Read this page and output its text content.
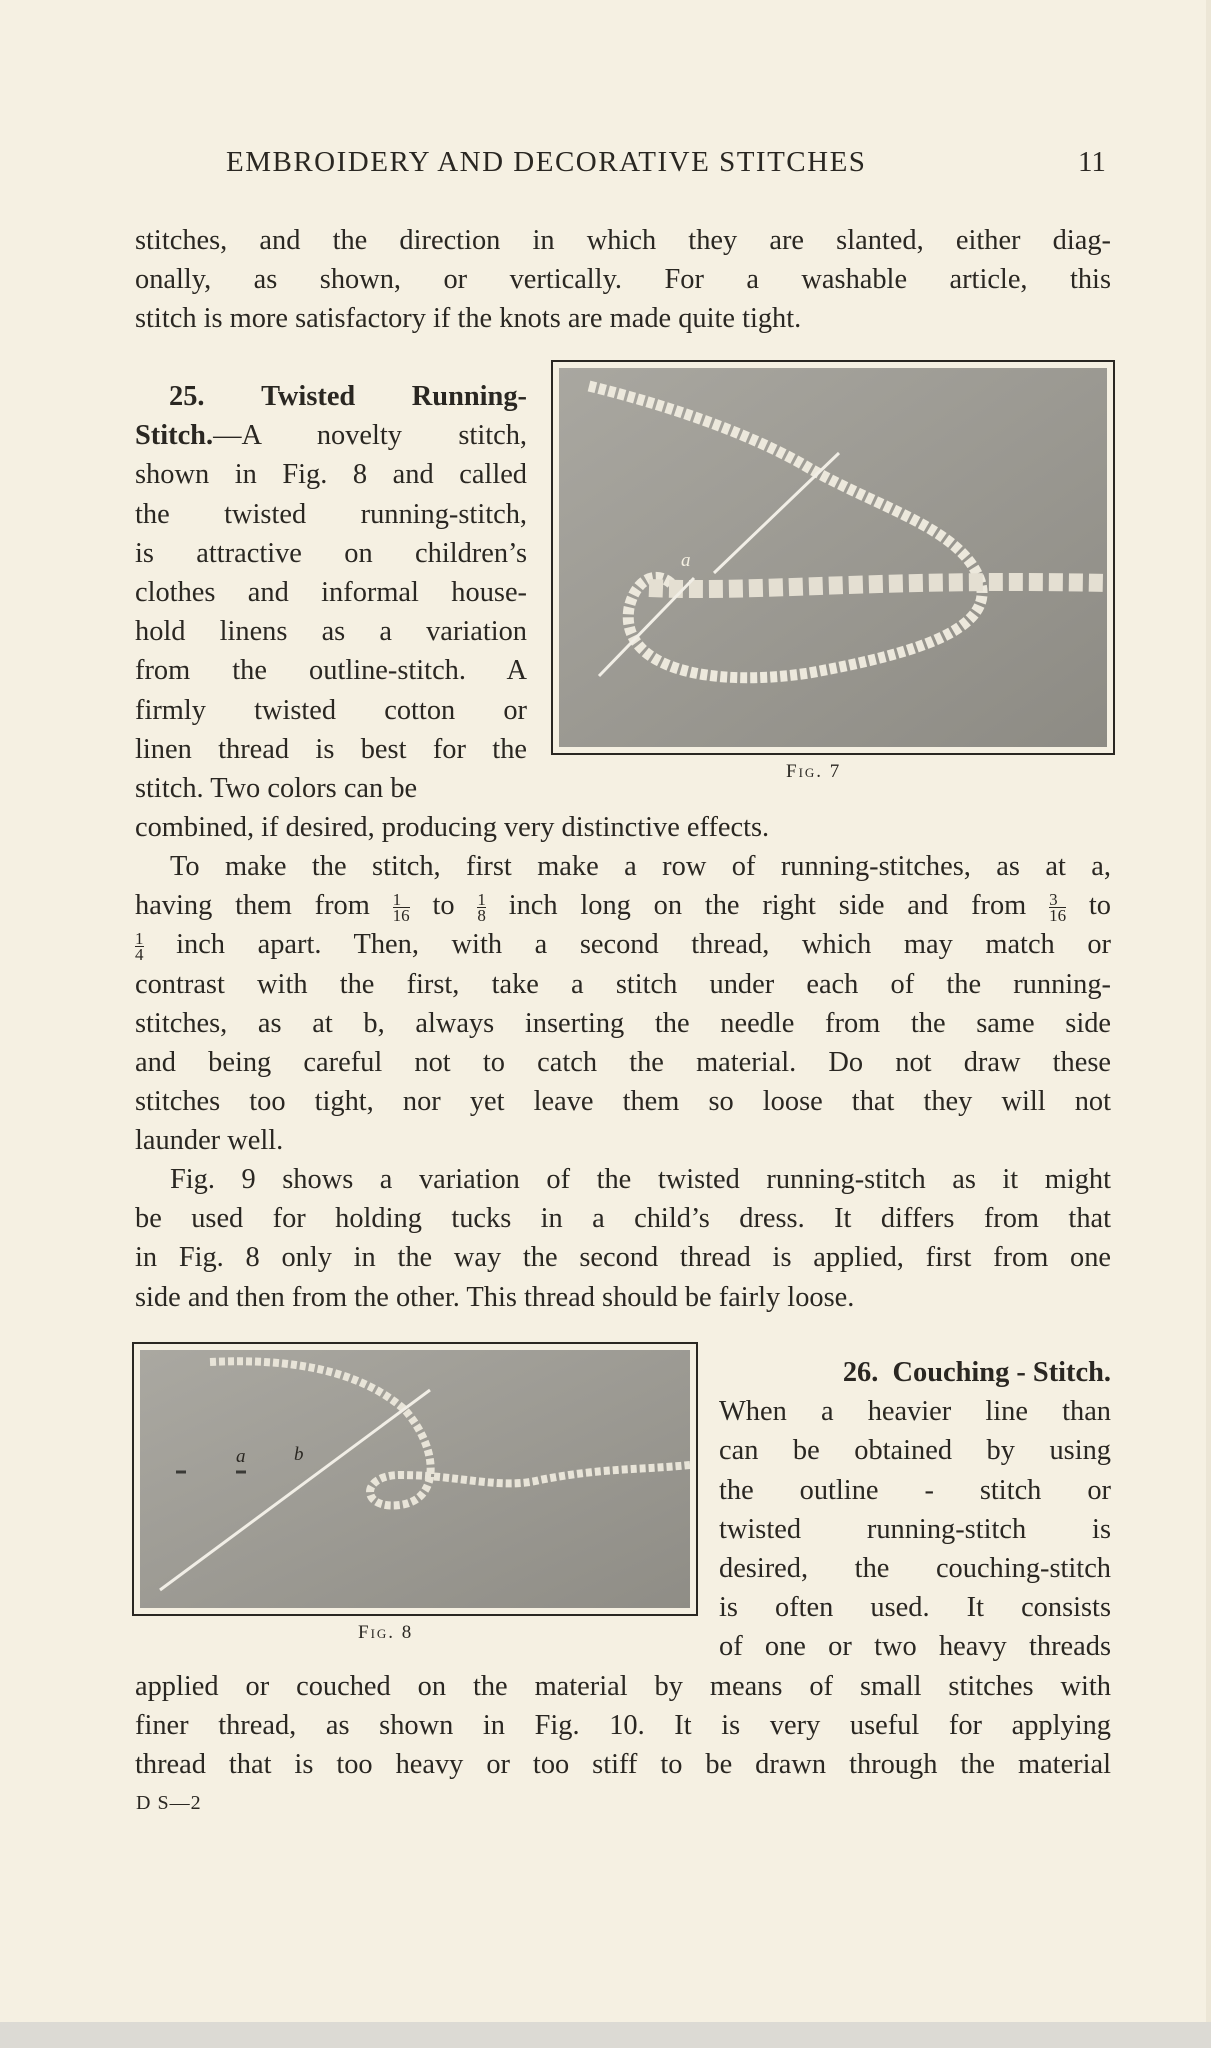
EMBROIDERY AND DECORATIVE STITCHES	11
stitches, and the direction in which they are slanted, either diag-
onally, as shown, or vertically. For a washable article, this
stitch is more satisfactory if the knots are made quite tight.
25. Twisted Running-
Stitch.—A novelty stitch,
shown in Fig. 8 and called
the twisted running-stitch,
is attractive on children’s
clothes and informal house-
hold linens as a variation
from the outline-stitch. A
firmly twisted cotton or
linen thread is best for the
stitch. Two colors can be
combined, if desired, producing very distinctive effects.
a
Fig. 7
To make the stitch, first make a row of running-stitches, as at a,
having them from $\frac{1}{16}$ to $\frac{1}{8}$ inch long on the right side and from $\frac{3}{16}$ to
$\frac{1}{4}$ inch apart. Then, with a second thread, which may match or
contrast with the first, take a stitch under each of the running-
stitches, as at b, always inserting the needle from the same side
and being careful not to catch the material. Do not draw these
stitches too tight, nor yet leave them so loose that they will not
launder well.
Fig. 9 shows a variation of the twisted running-stitch as it might
be used for holding tucks in a child’s dress. It differs from that
in Fig. 8 only in the way the second thread is applied, first from one
side and then from the other. This thread should be fairly loose.
a	b
Fig. 8
26. Couching - Stitch.
When a heavier line than
can be obtained by using
the outline - stitch or
twisted running-stitch is
desired, the couching-stitch
is often used. It consists
of one or two heavy threads
applied or couched on the material by means of small stitches with
finer thread, as shown in Fig. 10. It is very useful for applying
thread that is too heavy or too stiff to be drawn through the material
D S—2
